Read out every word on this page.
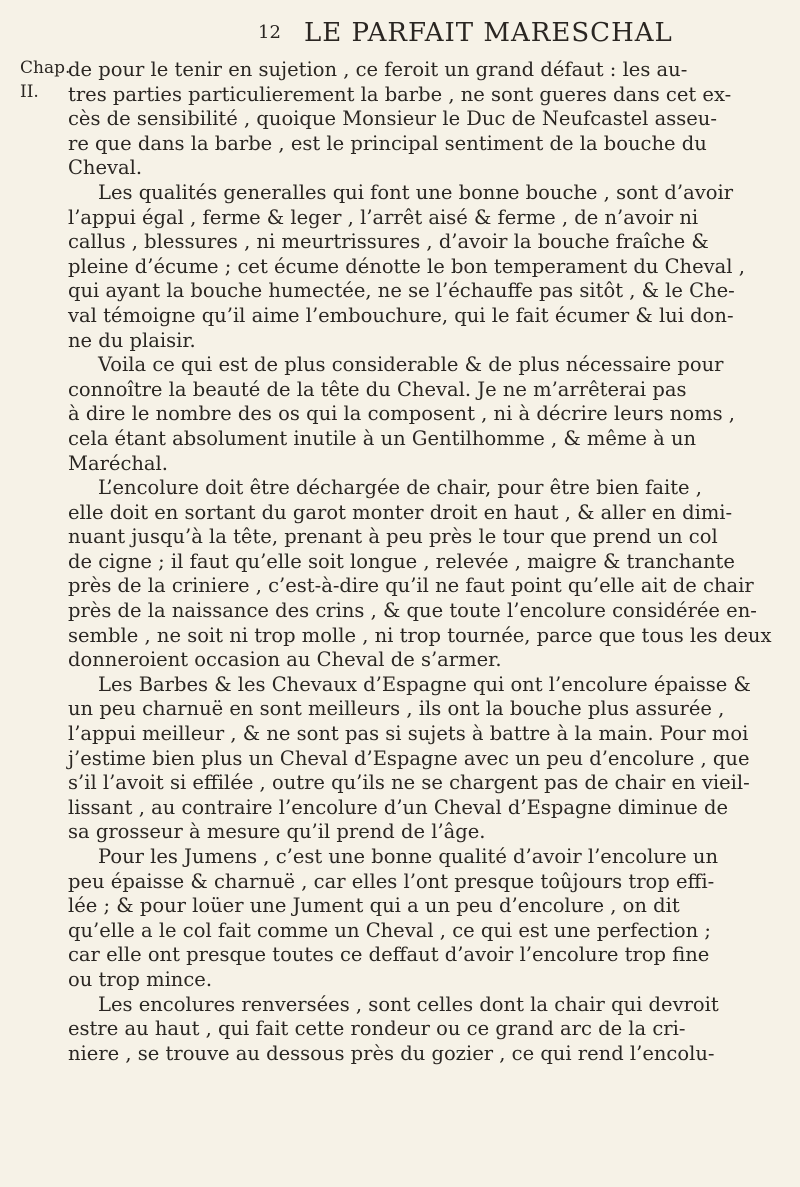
12 LE PARFAIT MARESCHAL
Chap.
II.
de pour le tenir en sujetion , ce feroit un grand défaut : les au-
tres parties particulierement la barbe , ne sont gueres dans cet ex-
cès de sensibilité , quoique Monsieur le Duc de Neufcastel asseu-
re que dans la barbe , est le principal sentiment de la bouche du
Cheval.
Les qualités generalles qui font une bonne bouche , sont d’avoir
l’appui égal , ferme & leger , l’arrêt aisé & ferme , de n’avoir ni
callus , blessures , ni meurtrissures , d’avoir la bouche fraîche &
pleine d’écume ; cet écume dénotte le bon temperament du Cheval ,
qui ayant la bouche humectée, ne se l’échauffe pas sitôt , & le Che-
val témoigne qu’il aime l’embouchure, qui le fait écumer & lui don-
ne du plaisir.
Voila ce qui est de plus considerable & de plus nécessaire pour
connoître la beauté de la tête du Cheval. Je ne m’arrêterai pas
à dire le nombre des os qui la composent , ni à décrire leurs noms ,
cela étant absolument inutile à un Gentilhomme , & même à un
Maréchal.
L’encolure doit être déchargée de chair, pour être bien faite ,
elle doit en sortant du garot monter droit en haut , & aller en dimi-
nuant jusqu’à la tête, prenant à peu près le tour que prend un col
de cigne ; il faut qu’elle soit longue , relevée , maigre & tranchante
près de la criniere , c’est-à-dire qu’il ne faut point qu’elle ait de chair
près de la naissance des crins , & que toute l’encolure considérée en-
semble , ne soit ni trop molle , ni trop tournée, parce que tous les deux
donneroient occasion au Cheval de s’armer.
Les Barbes & les Chevaux d’Espagne qui ont l’encolure épaisse &
un peu charnuë en sont meilleurs , ils ont la bouche plus assurée ,
l’appui meilleur , & ne sont pas si sujets à battre à la main. Pour moi
j’estime bien plus un Cheval d’Espagne avec un peu d’encolure , que
s’il l’avoit si effilée , outre qu’ils ne se chargent pas de chair en vieil-
lissant , au contraire l’encolure d’un Cheval d’Espagne diminue de
sa grosseur à mesure qu’il prend de l’âge.
Pour les Jumens , c’est une bonne qualité d’avoir l’encolure un
peu épaisse & charnuë , car elles l’ont presque toûjours trop effi-
lée ; & pour loüer une Jument qui a un peu d’encolure , on dit
qu’elle a le col fait comme un Cheval , ce qui est une perfection ;
car elle ont presque toutes ce deffaut d’avoir l’encolure trop fine
ou trop mince.
Les encolures renversées , sont celles dont la chair qui devroit
estre au haut , qui fait cette rondeur ou ce grand arc de la cri-
niere , se trouve au dessous près du gozier , ce qui rend l’encolu-
